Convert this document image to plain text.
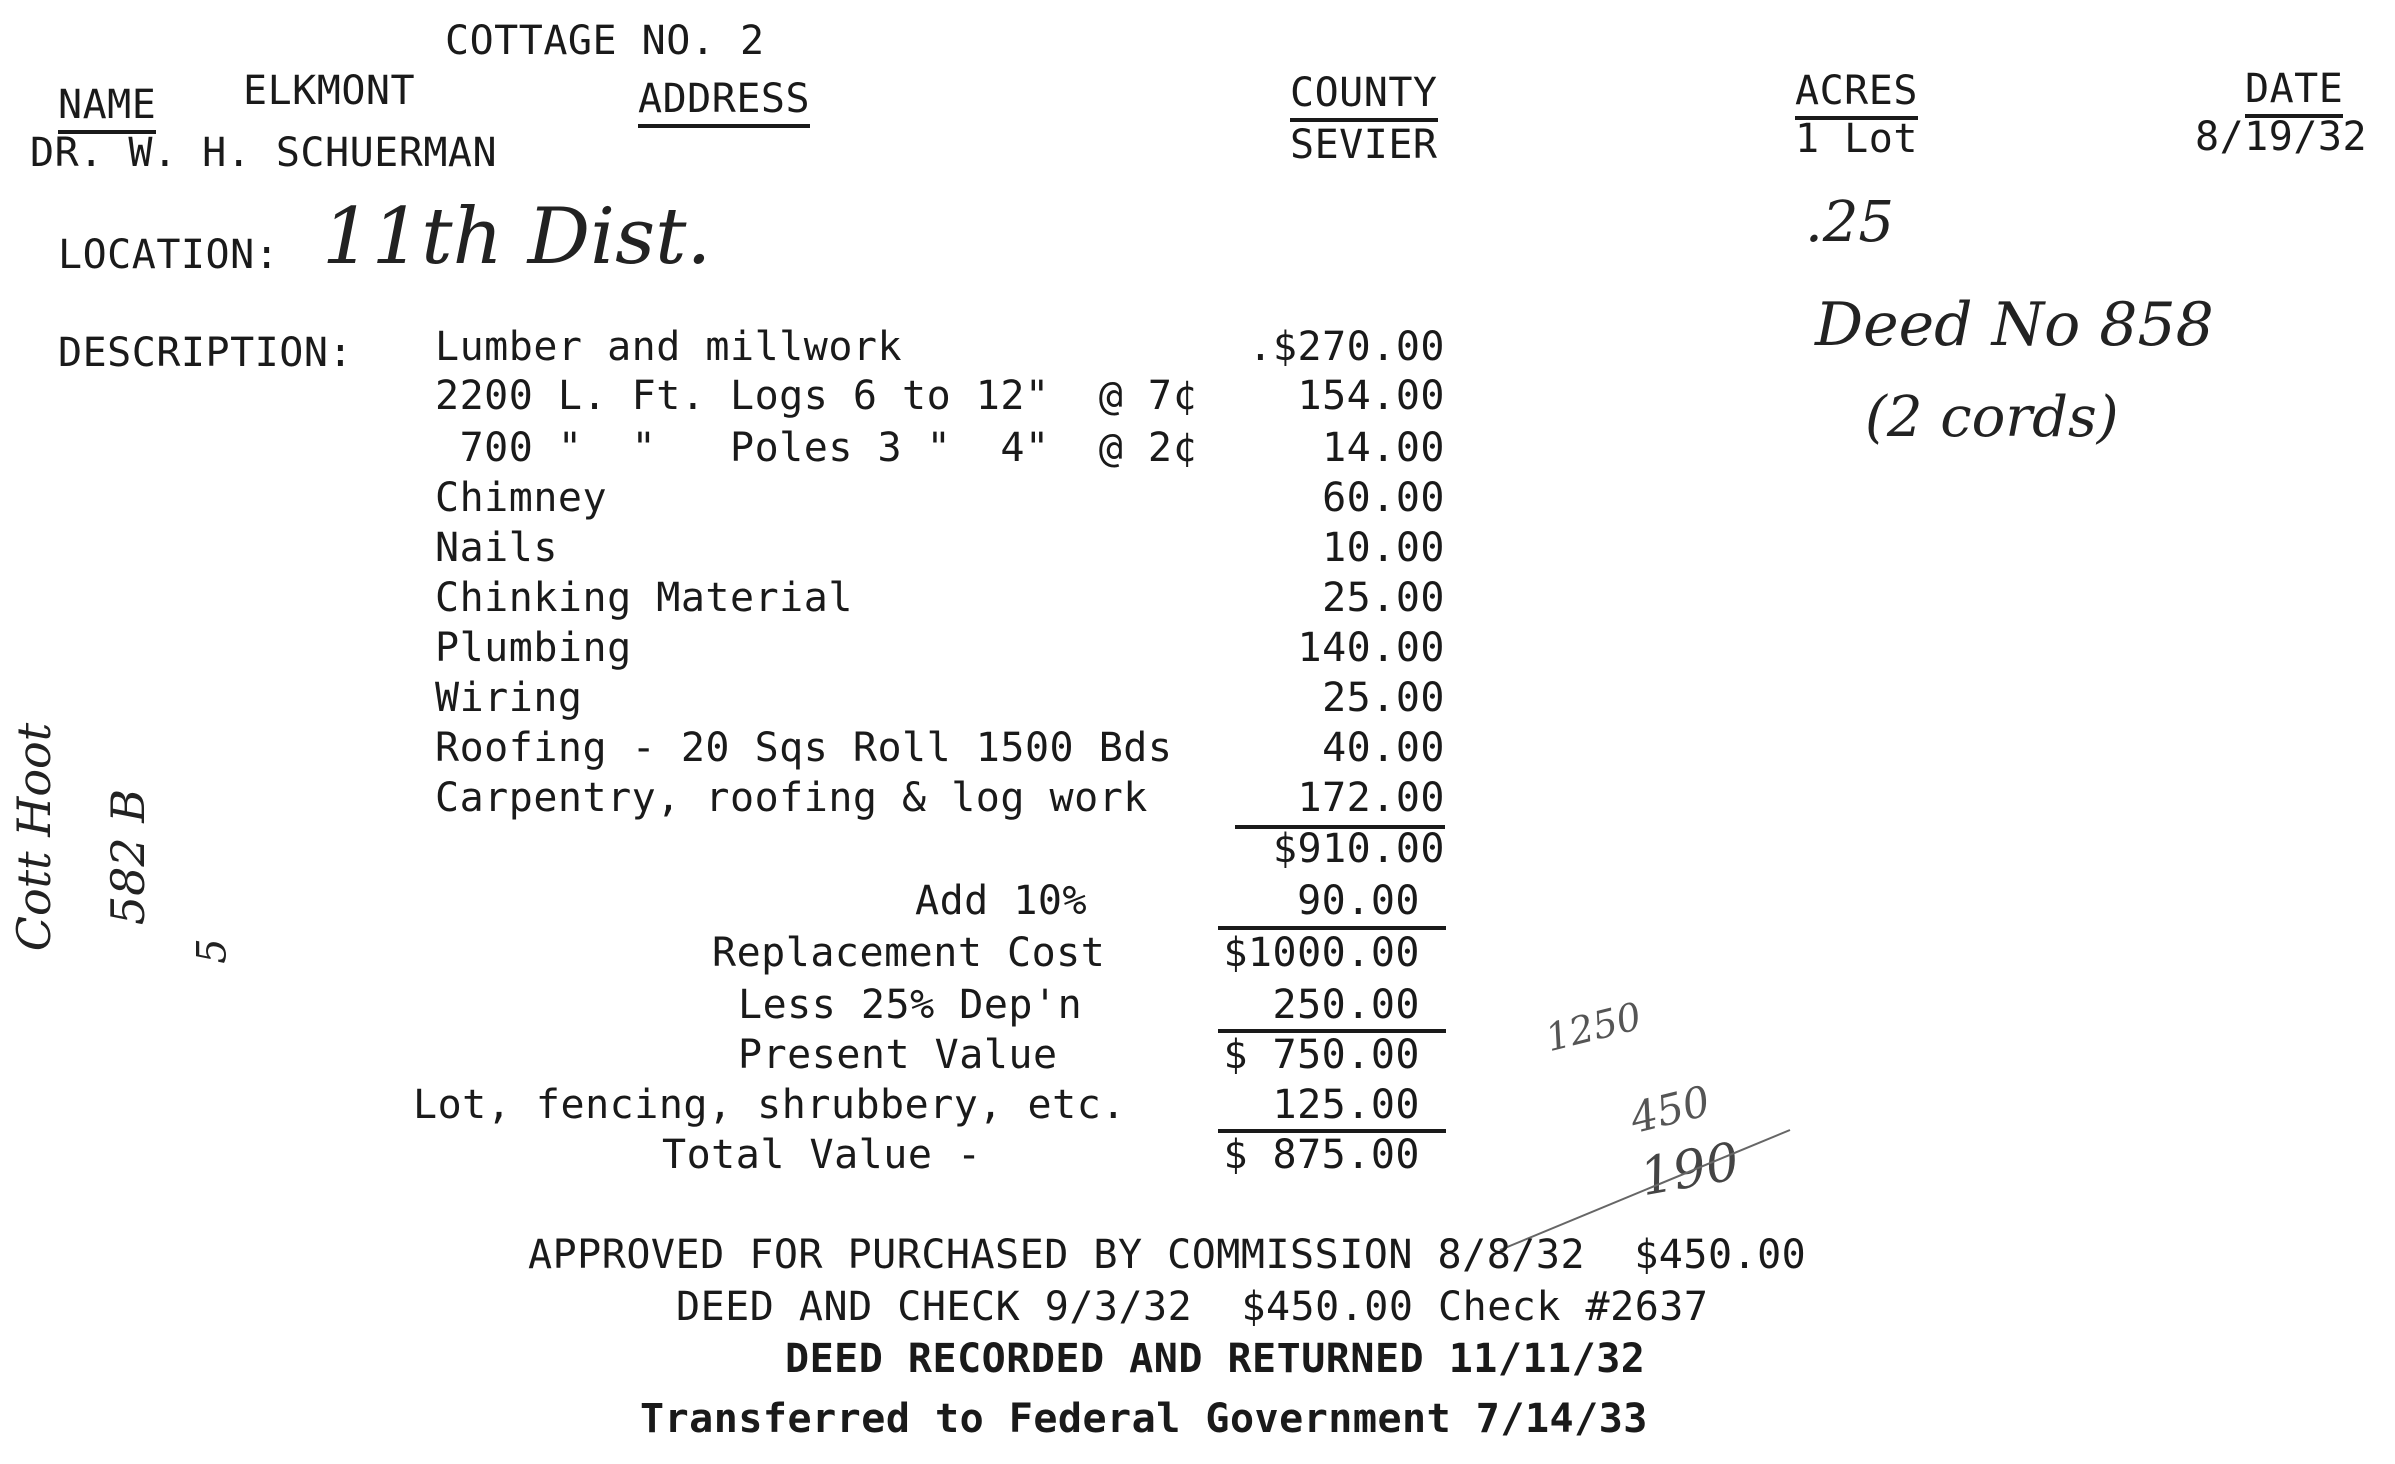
COTTAGE NO. 2
NAME ELKMONT	ADDRESS
DR. W. H. SCHUERMAN
COUNTY
SEVIER
ACRES
1 Lot
DATE
8/19/32
LOCATION: 11th Dist.	.25
Deed No 858
(2 cords)
Cott Hoot 582 B
5
1250
450
190
DESCRIPTION: Lumber and millwork	.$270.00
2200 L. Ft. Logs 6 to 12"  @ 7¢	154.00
700 "  "   Poles 3 "  4"  @ 2¢	14.00
Chimney	60.00
Nails	10.00
Chinking Material	25.00
Plumbing	140.00
Wiring	25.00
Roofing - 20 Sqs Roll 1500 Bds	40.00
Carpentry, roofing & log work	172.00
$910.00
Add 10%	90.00
Replacement Cost	$1000.00
Less 25% Dep'n	250.00
Present Value	$ 750.00
Lot, fencing, shrubbery, etc.	125.00
Total Value -	$ 875.00
APPROVED FOR PURCHASED BY COMMISSION 8/8/32  $450.00
DEED AND CHECK 9/3/32  $450.00 Check #2637
DEED RECORDED AND RETURNED 11/11/32
Transferred to Federal Government 7/14/33
